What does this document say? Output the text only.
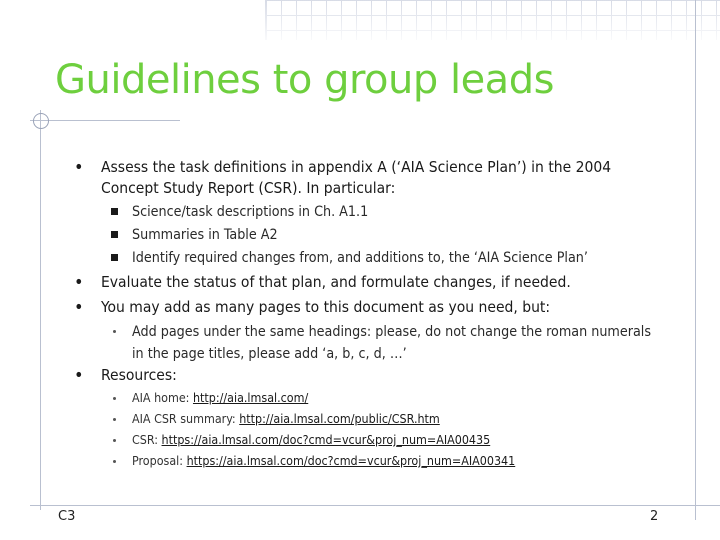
Guidelines to group leads
• Assess the task definitions in appendix A (‘AIA Science Plan’) in the 2004 Concept Study Report (CSR). In particular:
Science/task descriptions in Ch. A1.1
Summaries in Table A2
Identify required changes from, and additions to, the ‘AIA Science Plan’
• Evaluate the status of that plan, and formulate changes, if needed.
• You may add as many pages to this document as you need, but:
Add pages under the same headings: please, do not change the roman numerals in the page titles, please add ‘a, b, c, d, …’
• Resources:
AIA home: http://aia.lmsal.com/
AIA CSR summary: http://aia.lmsal.com/public/CSR.htm
CSR: https://aia.lmsal.com/doc?cmd=vcur&proj_num=AIA00435
Proposal: https://aia.lmsal.com/doc?cmd=vcur&proj_num=AIA00341
C3	2
